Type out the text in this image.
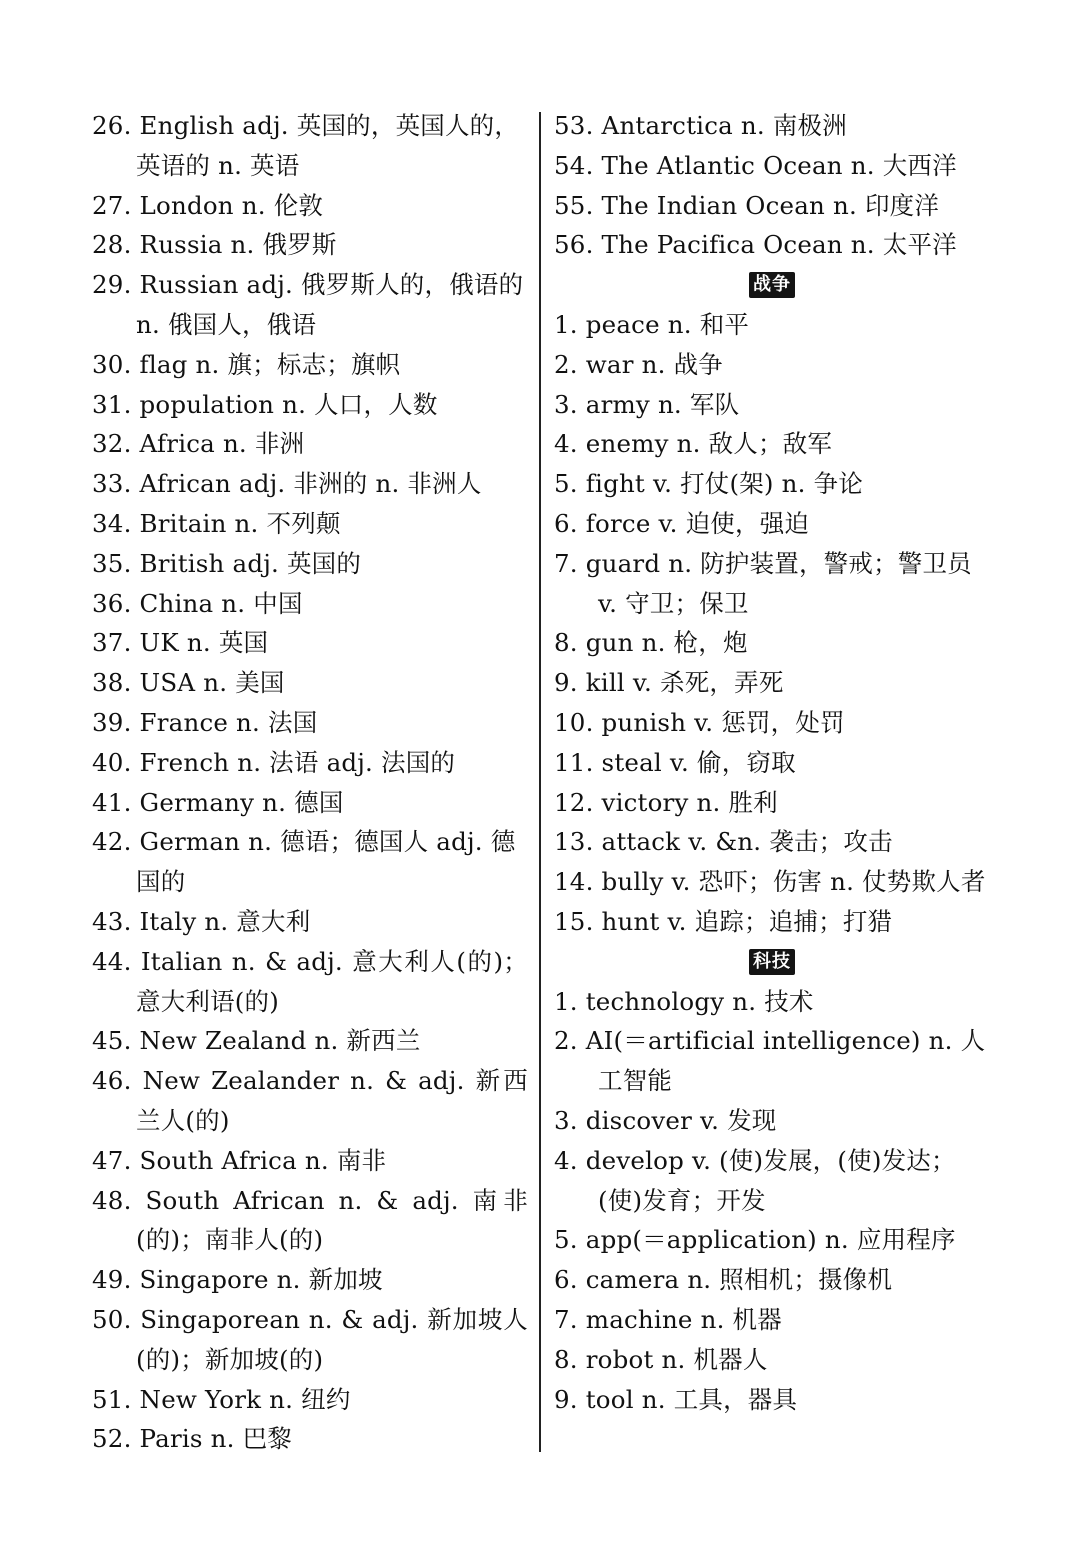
26. English adj. 英国的，英国人的，英语的 n. 英语
27. London n. 伦敦
28. Russia n. 俄罗斯
29. Russian adj. 俄罗斯人的，俄语的 n. 俄国人，俄语
30. flag n. 旗；标志；旗帜
31. population n. 人口，人数
32. Africa n. 非洲
33. African adj. 非洲的 n. 非洲人
34. Britain n. 不列颠
35. British adj. 英国的
36. China n. 中国
37. UK n. 英国
38. USA n. 美国
39. France n. 法国
40. French n. 法语 adj. 法国的
41. Germany n. 德国
42. German n. 德语；德国人 adj. 德国的
43. Italy n. 意大利
44. Italian n. & adj. 意大利人(的)；意大利语(的)
45. New Zealand n. 新西兰
46. New Zealander n. & adj. 新西兰人(的)
47. South Africa n. 南非
48. South African n. & adj. 南非(的)；南非人(的)
49. Singapore n. 新加坡
50. Singaporean n. & adj. 新加坡人(的)；新加坡(的)
51. New York n. 纽约
52. Paris n. 巴黎
53. Antarctica n. 南极洲
54. The Atlantic Ocean n. 大西洋
55. The Indian Ocean n. 印度洋
56. The Pacifica Ocean n. 太平洋
战争
1. peace n. 和平
2. war n. 战争
3. army n. 军队
4. enemy n. 敌人；敌军
5. fight v. 打仗(架) n. 争论
6. force v. 迫使，强迫
7. guard n. 防护装置，警戒；警卫员 v. 守卫；保卫
8. gun n. 枪，炮
9. kill v. 杀死，弄死
10. punish v. 惩罚，处罚
11. steal v. 偷，窃取
12. victory n. 胜利
13. attack v. &n. 袭击；攻击
14. bully v. 恐吓；伤害 n. 仗势欺人者
15. hunt v. 追踪；追捕；打猎
科技
1. technology n. 技术
2. AI(＝artificial intelligence) n. 人工智能
3. discover v. 发现
4. develop v. (使)发展，(使)发达；(使)发育；开发
5. app(＝application) n. 应用程序
6. camera n. 照相机；摄像机
7. machine n. 机器
8. robot n. 机器人
9. tool n. 工具，器具
